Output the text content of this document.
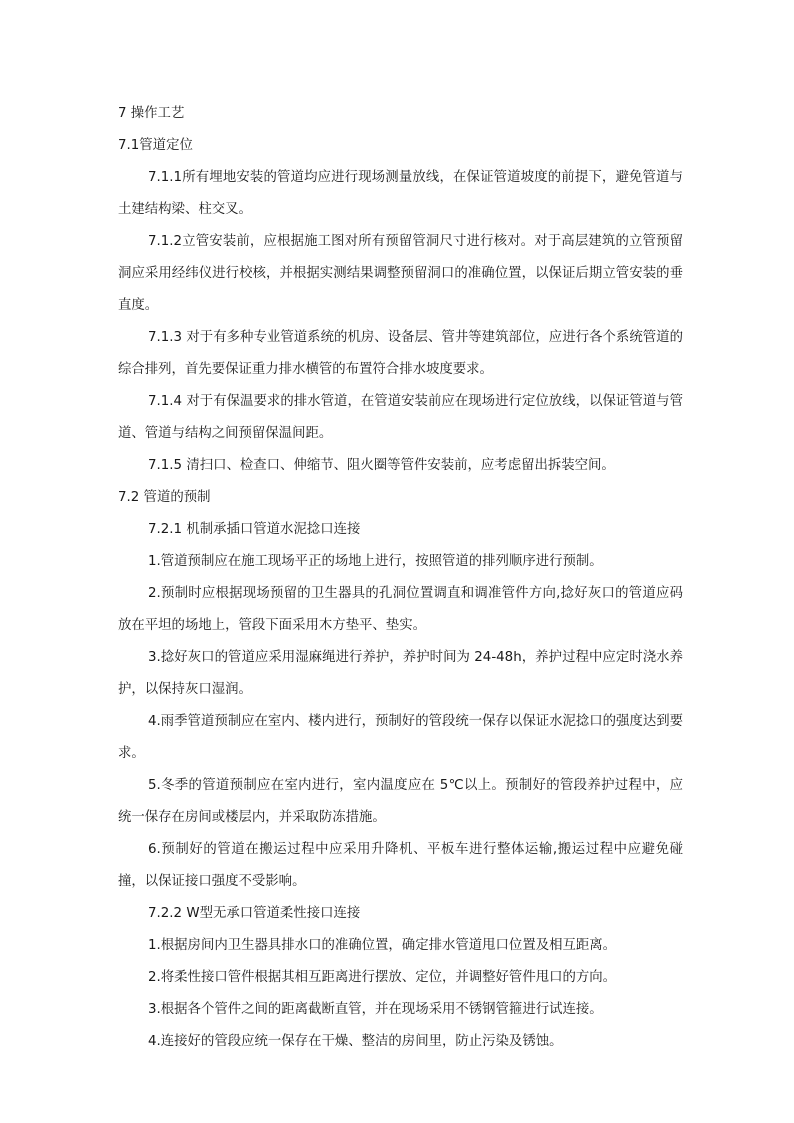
7 操作工艺

7.1管道定位

7.1.1所有埋地安装的管道均应进行现场测量放线，在保证管道坡度的前提下，避免管道与土建结构梁、柱交叉。

7.1.2立管安装前，应根据施工图对所有预留管洞尺寸进行核对。对于高层建筑的立管预留洞应采用经纬仪进行校核，并根据实测结果调整预留洞口的准确位置，以保证后期立管安装的垂直度。

7.1.3 对于有多种专业管道系统的机房、设备层、管井等建筑部位，应进行各个系统管道的综合排列，首先要保证重力排水横管的布置符合排水坡度要求。

7.1.4 对于有保温要求的排水管道，在管道安装前应在现场进行定位放线，以保证管道与管道、管道与结构之间预留保温间距。

7.1.5 清扫口、检查口、伸缩节、阻火圈等管件安装前，应考虑留出拆装空间。

7.2 管道的预制

7.2.1 机制承插口管道水泥捻口连接

1.管道预制应在施工现场平正的场地上进行，按照管道的排列顺序进行预制。

2.预制时应根据现场预留的卫生器具的孔洞位置调直和调准管件方向,捻好灰口的管道应码放在平坦的场地上，管段下面采用木方垫平、垫实。

3.捻好灰口的管道应采用湿麻绳进行养护，养护时间为 24-48h，养护过程中应定时浇水养护，以保持灰口湿润。

4.雨季管道预制应在室内、楼内进行，预制好的管段统一保存以保证水泥捻口的强度达到要求。

5.冬季的管道预制应在室内进行，室内温度应在 5℃以上。预制好的管段养护过程中，应统一保存在房间或楼层内，并采取防冻措施。

6.预制好的管道在搬运过程中应采用升降机、平板车进行整体运输,搬运过程中应避免碰撞，以保证接口强度不受影响。

7.2.2 W型无承口管道柔性接口连接

1.根据房间内卫生器具排水口的准确位置，确定排水管道甩口位置及相互距离。

2.将柔性接口管件根据其相互距离进行摆放、定位，并调整好管件甩口的方向。

3.根据各个管件之间的距离截断直管，并在现场采用不锈钢管箍进行试连接。

4.连接好的管段应统一保存在干燥、整洁的房间里，防止污染及锈蚀。
